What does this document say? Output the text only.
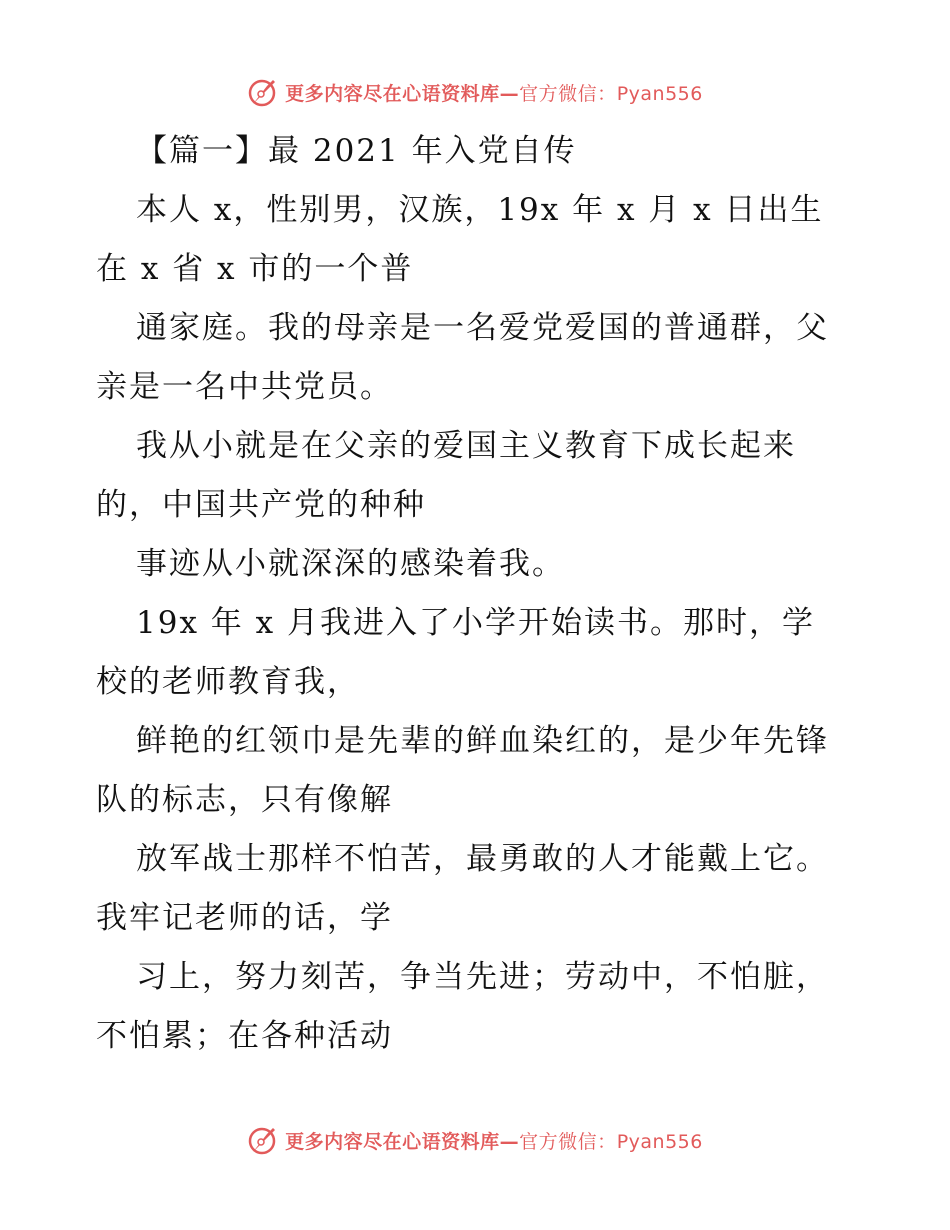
更多内容尽在心语资料库—官方微信：Pyan556
【篇一】最 2021 年入党自传
本人 x，性别男，汉族，19x 年 x 月 x 日出生
在 x 省 x 市的一个普
通家庭。我的母亲是一名爱党爱国的普通群，父
亲是一名中共党员。
我从小就是在父亲的爱国主义教育下成长起来
的，中国共产党的种种
事迹从小就深深的感染着我。
19x 年 x 月我进入了小学开始读书。那时，学
校的老师教育我，
鲜艳的红领巾是先辈的鲜血染红的，是少年先锋
队的标志，只有像解
放军战士那样不怕苦，最勇敢的人才能戴上它。
我牢记老师的话，学
习上，努力刻苦，争当先进；劳动中，不怕脏，
不怕累；在各种活动
更多内容尽在心语资料库—官方微信：Pyan556
